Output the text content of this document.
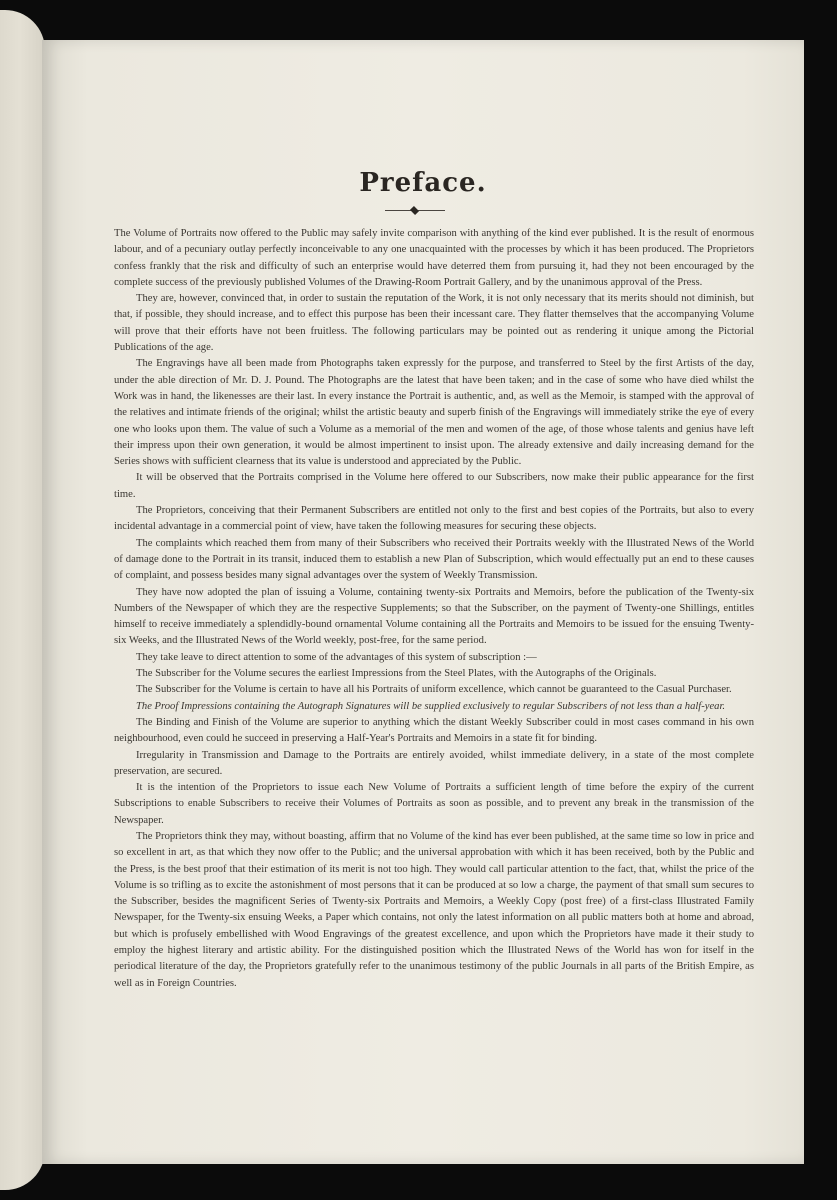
Preface.

The Volume of Portraits now offered to the Public may safely invite comparison with anything of the kind ever published. It is the result of enormous labour, and of a pecuniary outlay perfectly inconceivable to any one unacquainted with the processes by which it has been produced. The Proprietors confess frankly that the risk and difficulty of such an enterprise would have deterred them from pursuing it, had they not been encouraged by the complete success of the previously published Volumes of the Drawing-Room Portrait Gallery, and by the unanimous approval of the Press.

They are, however, convinced that, in order to sustain the reputation of the Work, it is not only necessary that its merits should not diminish, but that, if possible, they should increase, and to effect this purpose has been their incessant care. They flatter themselves that the accompanying Volume will prove that their efforts have not been fruitless. The following particulars may be pointed out as rendering it unique among the Pictorial Publications of the age.

The Engravings have all been made from Photographs taken expressly for the purpose, and transferred to Steel by the first Artists of the day, under the able direction of Mr. D. J. Pound. The Photographs are the latest that have been taken; and in the case of some who have died whilst the Work was in hand, the likenesses are their last. In every instance the Portrait is authentic, and, as well as the Memoir, is stamped with the approval of the relatives and intimate friends of the original; whilst the artistic beauty and superb finish of the Engravings will immediately strike the eye of every one who looks upon them. The value of such a Volume as a memorial of the men and women of the age, of those whose talents and genius have left their impress upon their own generation, it would be almost impertinent to insist upon. The already extensive and daily increasing demand for the Series shows with sufficient clearness that its value is understood and appreciated by the Public.

It will be observed that the Portraits comprised in the Volume here offered to our Subscribers, now make their public appearance for the first time.

The Proprietors, conceiving that their Permanent Subscribers are entitled not only to the first and best copies of the Portraits, but also to every incidental advantage in a commercial point of view, have taken the following measures for securing these objects.

The complaints which reached them from many of their Subscribers who received their Portraits weekly with the Illustrated News of the World of damage done to the Portrait in its transit, induced them to establish a new Plan of Subscription, which would effectually put an end to these causes of complaint, and possess besides many signal advantages over the system of Weekly Transmission.

They have now adopted the plan of issuing a Volume, containing twenty-six Portraits and Memoirs, before the publication of the Twenty-six Numbers of the Newspaper of which they are the respective Supplements; so that the Subscriber, on the payment of Twenty-one Shillings, entitles himself to receive immediately a splendidly-bound ornamental Volume containing all the Portraits and Memoirs to be issued for the ensuing Twenty-six Weeks, and the Illustrated News of the World weekly, post-free, for the same period.

They take leave to direct attention to some of the advantages of this system of subscription :—

The Subscriber for the Volume secures the earliest Impressions from the Steel Plates, with the Autographs of the Originals.

The Subscriber for the Volume is certain to have all his Portraits of uniform excellence, which cannot be guaranteed to the Casual Purchaser.

The Proof Impressions containing the Autograph Signatures will be supplied exclusively to regular Subscribers of not less than a half-year.

The Binding and Finish of the Volume are superior to anything which the distant Weekly Subscriber could in most cases command in his own neighbourhood, even could he succeed in preserving a Half-Year's Portraits and Memoirs in a state fit for binding.

Irregularity in Transmission and Damage to the Portraits are entirely avoided, whilst immediate delivery, in a state of the most complete preservation, are secured.

It is the intention of the Proprietors to issue each New Volume of Portraits a sufficient length of time before the expiry of the current Subscriptions to enable Subscribers to receive their Volumes of Portraits as soon as possible, and to prevent any break in the transmission of the Newspaper.

The Proprietors think they may, without boasting, affirm that no Volume of the kind has ever been published, at the same time so low in price and so excellent in art, as that which they now offer to the Public; and the universal approbation with which it has been received, both by the Public and the Press, is the best proof that their estimation of its merit is not too high. They would call particular attention to the fact, that, whilst the price of the Volume is so trifling as to excite the astonishment of most persons that it can be produced at so low a charge, the payment of that small sum secures to the Subscriber, besides the magnificent Series of Twenty-six Portraits and Memoirs, a Weekly Copy (post free) of a first-class Illustrated Family Newspaper, for the Twenty-six ensuing Weeks, a Paper which contains, not only the latest information on all public matters both at home and abroad, but which is profusely embellished with Wood Engravings of the greatest excellence, and upon which the Proprietors have made it their study to employ the highest literary and artistic ability. For the distinguished position which the Illustrated News of the World has won for itself in the periodical literature of the day, the Proprietors gratefully refer to the unanimous testimony of the public Journals in all parts of the British Empire, as well as in Foreign Countries.
